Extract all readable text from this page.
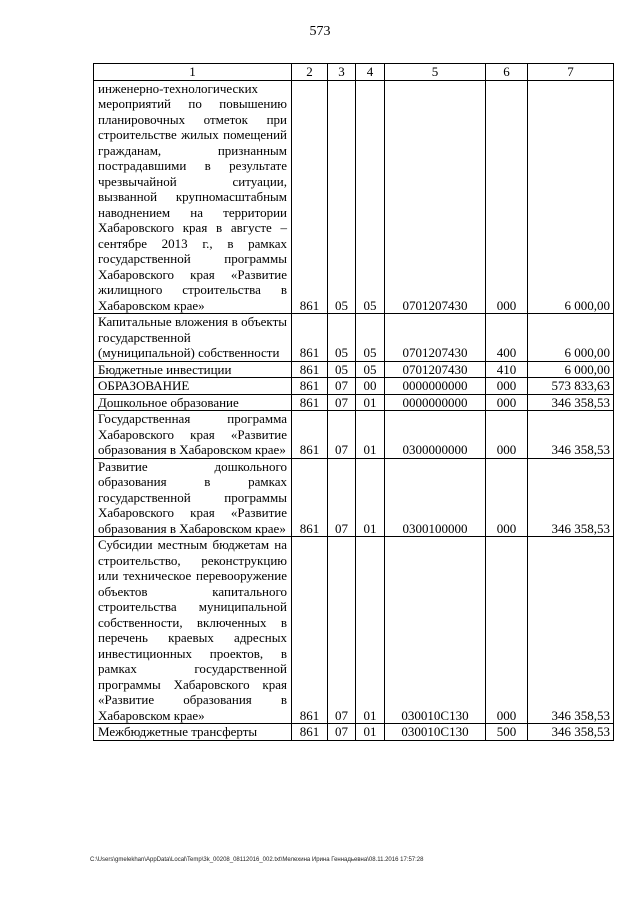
573
1	2	3	4	5	6	7
инженерно-технологических мероприятий по повышению планировочных отметок при строительстве жилых помещений гражданам, признанным пострадавшими в результате чрезвычайной ситуации, вызванной крупномасштабным наводнением на территории Хабаровского края в августе – сентябре 2013 г., в рамках государственной программы Хабаровского края «Развитие жилищного строительства в Хабаровском крае»	861	05	05	0701207430	000	6 000,00
Капитальные вложения в объекты государственной (муниципальной) собственности	861	05	05	0701207430	400	6 000,00
Бюджетные инвестиции	861	05	05	0701207430	410	6 000,00
ОБРАЗОВАНИЕ	861	07	00	0000000000	000	573 833,63
Дошкольное образование	861	07	01	0000000000	000	346 358,53
Государственная программа Хабаровского края «Развитие образования в Хабаровском крае»	861	07	01	0300000000	000	346 358,53
Развитие дошкольного образования в рамках государственной программы Хабаровского края «Развитие образования в Хабаровском крае»	861	07	01	0300100000	000	346 358,53
Субсидии местным бюджетам на строительство, реконструкцию или техническое перевооружение объектов капитального строительства муниципальной собственности, включенных в перечень краевых адресных инвестиционных проектов, в рамках государственной программы Хабаровского края «Развитие образования в Хабаровском крае»	861	07	01	030010С130	000	346 358,53
Межбюджетные трансферты	861	07	01	030010С130	500	346 358,53
C:\Users\gmelekhan\AppData\Local\Temp\3k_00208_08112016_002.txt\Мелехина Ирина Геннадьевна\08.11.2016 17:57:28
